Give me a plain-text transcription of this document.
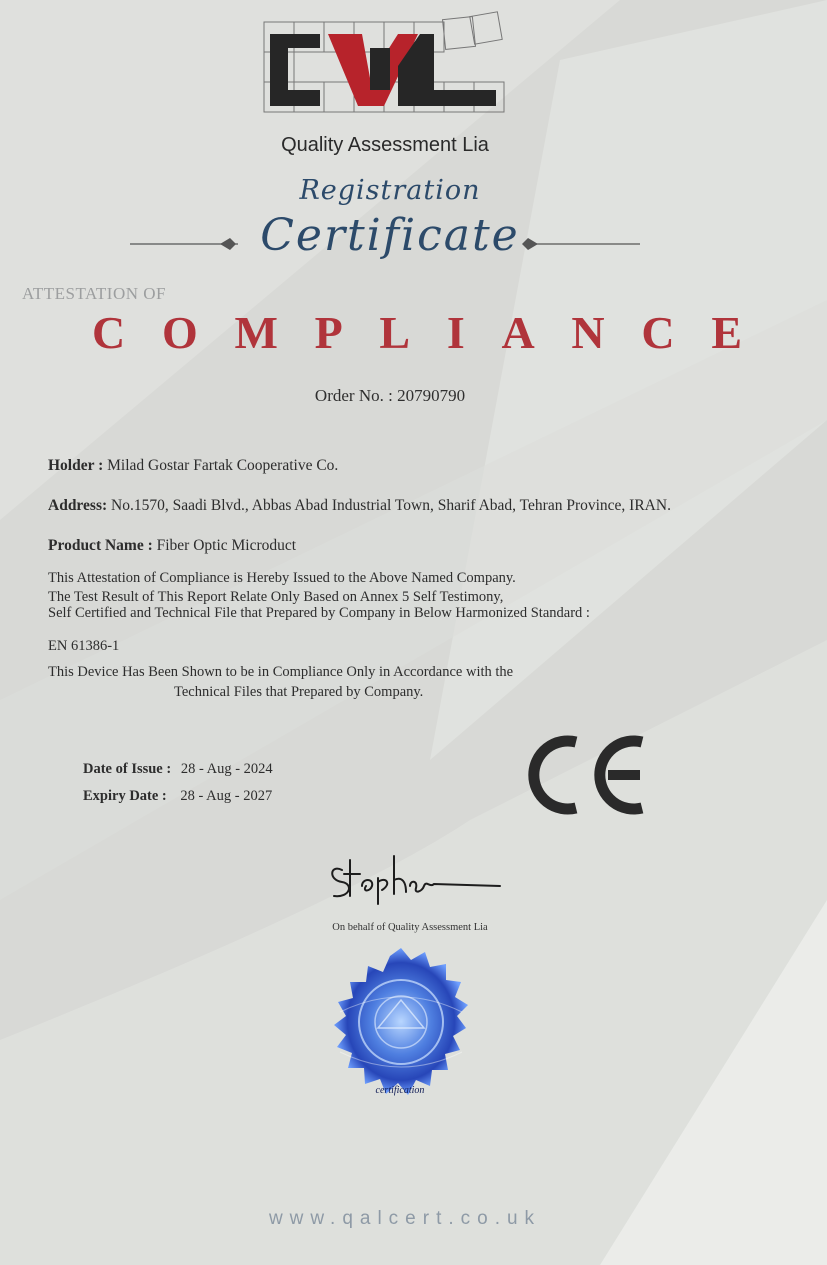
Quality Assessment Lia
Registration
Certificate
ATTESTATION OF
C O M P L I A N C E
Order No. : 20790790
Holder : Milad Gostar Fartak Cooperative Co.
Address: No.1570, Saadi Blvd., Abbas Abad Industrial Town, Sharif Abad, Tehran Province, IRAN.
Product Name : Fiber Optic Microduct
This Attestation of Compliance is Hereby Issued to the Above Named Company.
The Test Result of This Report Relate Only Based on Annex 5 Self Testimony,
Self Certified and Technical File that Prepared by Company in Below Harmonized Standard :
EN 61386-1
This Device Has Been Shown to be in Compliance Only in Accordance with the
Technical Files that Prepared by Company.
Date of Issue : 28 - Aug - 2024
Expiry Date : 28 - Aug - 2027
On behalf of Quality Assessment Lia
certification
www.qalcert.co.uk
